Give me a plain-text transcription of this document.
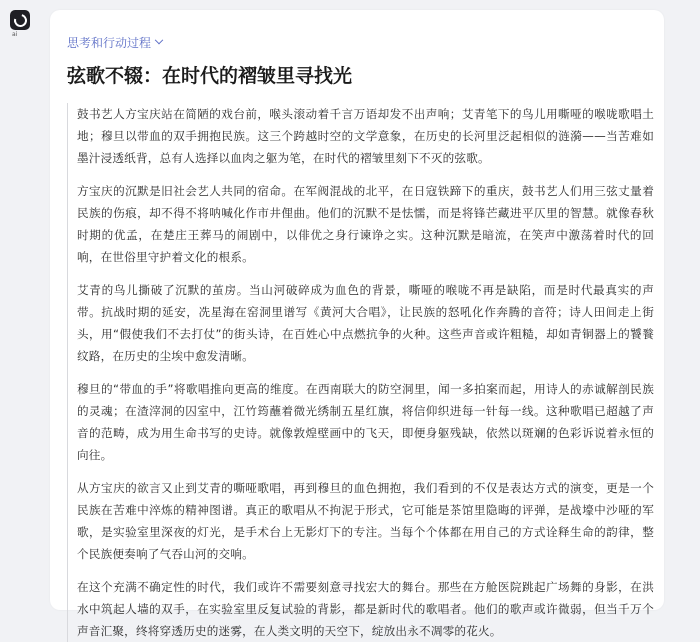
ai
思考和行动过程
弦歌不辍：在时代的褶皱里寻找光

鼓书艺人方宝庆站在简陋的戏台前，喉头滚动着千言万语却发不出声响；艾青笔下的鸟儿用嘶哑的喉咙歌唱土地；穆旦以带血的双手拥抱民族。这三个跨越时空的文学意象，在历史的长河里泛起相似的涟漪——当苦难如墨汁浸透纸背，总有人选择以血肉之躯为笔，在时代的褶皱里刻下不灭的弦歌。

方宝庆的沉默是旧社会艺人共同的宿命。在军阀混战的北平，在日寇铁蹄下的重庆，鼓书艺人们用三弦丈量着民族的伤痕，却不得不将呐喊化作市井俚曲。他们的沉默不是怯懦，而是将锋芒藏进平仄里的智慧。就像春秋时期的优孟，在楚庄王葬马的闹剧中，以俳优之身行谏诤之实。这种沉默是暗流，在笑声中激荡着时代的回响，在世俗里守护着文化的根系。

艾青的鸟儿撕破了沉默的茧房。当山河破碎成为血色的背景，嘶哑的喉咙不再是缺陷，而是时代最真实的声带。抗战时期的延安，冼星海在窑洞里谱写《黄河大合唱》，让民族的怒吼化作奔腾的音符；诗人田间走上街头，用“假使我们不去打仗”的街头诗，在百姓心中点燃抗争的火种。这些声音或许粗糙，却如青铜器上的饕餮纹路，在历史的尘埃中愈发清晰。

穆旦的“带血的手”将歌唱推向更高的维度。在西南联大的防空洞里，闻一多拍案而起，用诗人的赤诚解剖民族的灵魂；在渣滓洞的囚室中，江竹筠蘸着微光绣制五星红旗，将信仰织进每一针每一线。这种歌唱已超越了声音的范畴，成为用生命书写的史诗。就像敦煌壁画中的飞天，即便身躯残缺，依然以斑斓的色彩诉说着永恒的向往。

从方宝庆的欲言又止到艾青的嘶哑歌唱，再到穆旦的血色拥抱，我们看到的不仅是表达方式的演变，更是一个民族在苦难中淬炼的精神图谱。真正的歌唱从不拘泥于形式，它可能是茶馆里隐晦的评弹，是战壕中沙哑的军歌，是实验室里深夜的灯光，是手术台上无影灯下的专注。当每个个体都在用自己的方式诠释生命的韵律，整个民族便奏响了气吞山河的交响。

在这个充满不确定性的时代，我们或许不需要刻意寻找宏大的舞台。那些在方舱医院跳起广场舞的身影，在洪水中筑起人墙的双手，在实验室里反复试验的背影，都是新时代的歌唱者。他们的歌声或许微弱，但当千万个声音汇聚，终将穿透历史的迷雾，在人类文明的天空下，绽放出永不凋零的花火。
